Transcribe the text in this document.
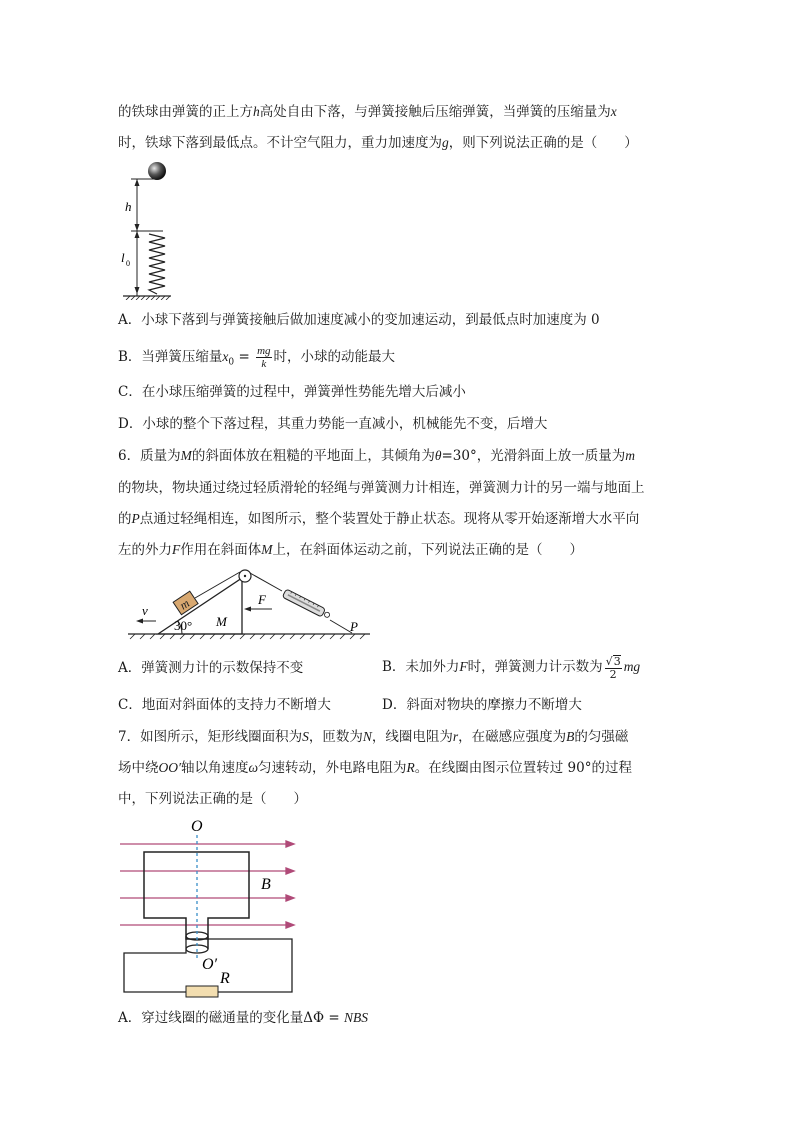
的铁球由弹簧的正上方h高处自由下落，与弹簧接触后压缩弹簧，当弹簧的压缩量为x
时，铁球下落到最低点。不计空气阻力，重力加速度为g，则下列说法正确的是（　　）
h
l 0
A．小球下落到与弹簧接触后做加速度减小的变加速运动，到最低点时加速度为 0
B．当弹簧压缩量$x_0 = \frac{mg}{k}$ 时，小球的动能最大
C．在小球压缩弹簧的过程中，弹簧弹性势能先增大后减小
D．小球的整个下落过程，其重力势能一直减小，机械能先不变，后增大
6．质量为M的斜面体放在粗糙的平地面上，其倾角为θ=30°，光滑斜面上放一质量为m
的物块，物块通过绕过轻质滑轮的轻绳与弹簧测力计相连，弹簧测力计的另一端与地面上
的P点通过轻绳相连，如图所示，整个装置处于静止状态。现将从零开始逐渐增大水平向
左的外力F作用在斜面体M上，在斜面体运动之前，下列说法正确的是（　　）
30° M
m
P
v
F
A．弹簧测力计的示数保持不变	B．未加外力F时，弹簧测力计示数为 $\frac{√3}{2}$ mg
C．地面对斜面体的支持力不断增大	D．斜面对物块的摩擦力不断增大
7．如图所示，矩形线圈面积为S，匝数为N，线圈电阻为r，在磁感应强度为B的匀强磁
场中绕OO′轴以角速度ω匀速转动，外电路电阻为R。在线圈由图示位置转过 90°的过程
中，下列说法正确的是（　　）
O
B
O′
R
A．穿过线圈的磁通量的变化量ΔΦ = NBS
